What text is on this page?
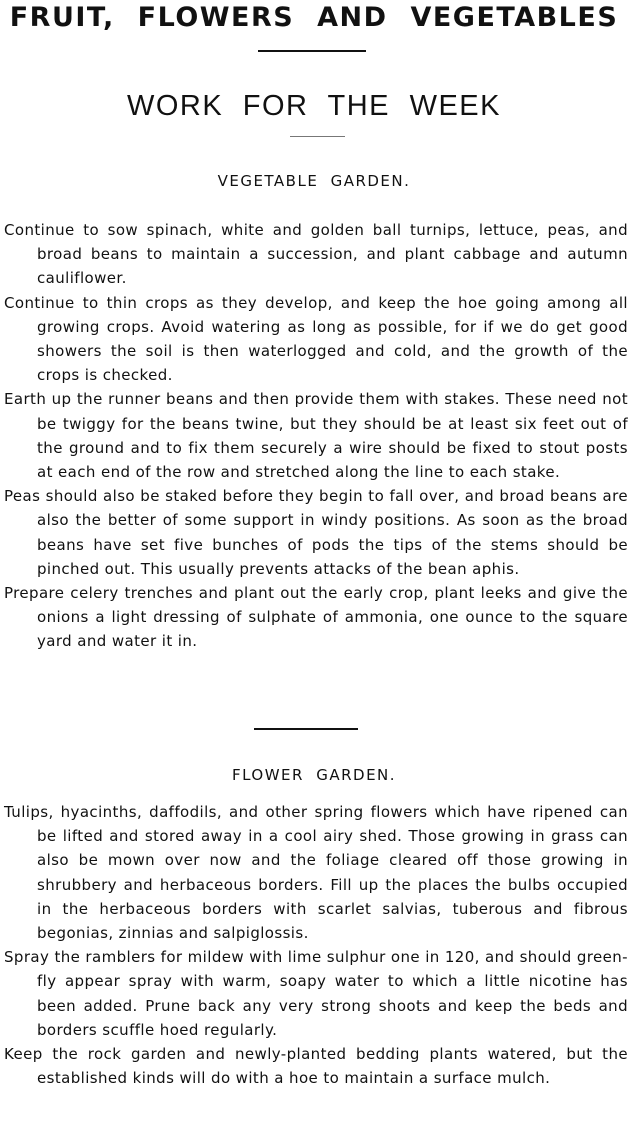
FRUIT, FLOWERS AND VEGETABLES
WORK FOR THE WEEK
VEGETABLE GARDEN.

Continue to sow spinach, white and golden ball turnips, lettuce, peas, and broad beans to maintain a succession, and plant cabbage and autumn cauliflower.

Continue to thin crops as they develop, and keep the hoe going among all growing crops. Avoid watering as long as possible, for if we do get good showers the soil is then waterlogged and cold, and the growth of the crops is checked.

Earth up the runner beans and then provide them with stakes. These need not be twiggy for the beans twine, but they should be at least six feet out of the ground and to fix them securely a wire should be fixed to stout posts at each end of the row and stretched along the line to each stake.

Peas should also be staked before they begin to fall over, and broad beans are also the better of some support in windy positions. As soon as the broad beans have set five bunches of pods the tips of the stems should be pinched out. This usually prevents attacks of the bean aphis.

Prepare celery trenches and plant out the early crop, plant leeks and give the onions a light dressing of sulphate of ammonia, one ounce to the square yard and water it in.

FLOWER GARDEN.

Tulips, hyacinths, daffodils, and other spring flowers which have ripened can be lifted and stored away in a cool airy shed. Those growing in grass can also be mown over now and the foliage cleared off those growing in shrubbery and herbaceous borders. Fill up the places the bulbs occupied in the herbaceous borders with scarlet salvias, tuberous and fibrous begonias, zinnias and salpiglossis.

Spray the ramblers for mildew with lime sulphur one in 120, and should green-fly appear spray with warm, soapy water to which a little nicotine has been added. Prune back any very strong shoots and keep the beds and borders scuffle hoed regularly.

Keep the rock garden and newly-planted bedding plants watered, but the established kinds will do with a hoe to maintain a surface mulch.
